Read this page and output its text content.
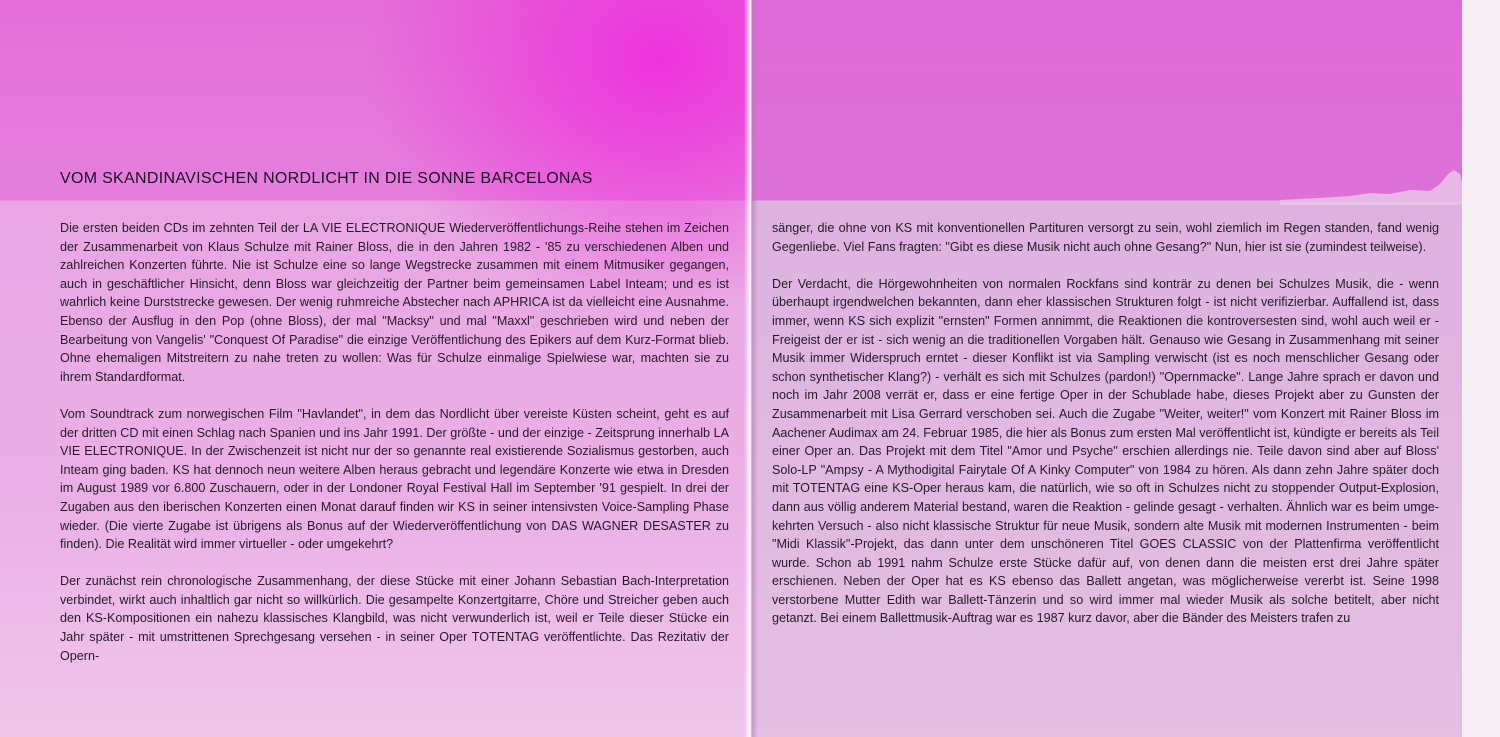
VOM SKANDINAVISCHEN NORDLICHT IN DIE SONNE BARCELONAS

Die ersten beiden CDs im zehnten Teil der LA VIE ELECTRONIQUE Wiederveröffentlichungs-Reihe stehen im Zeichen der Zusammenarbeit von Klaus Schulze mit Rainer Bloss, die in den Jahren 1982 - '85 zu verschiedenen Alben und zahlreichen Konzerten führte. Nie ist Schulze eine so lange Wegstrecke zusammen mit einem Mitmusiker gegangen, auch in geschäftlicher Hinsicht, denn Bloss war gleichzeitig der Partner beim gemeinsamen Label Inteam; und es ist wahrlich keine Durststrecke gewesen. Der wenig ruhmreiche Abstecher nach APHRICA ist da vielleicht eine Ausnahme. Ebenso der Ausflug in den Pop (ohne Bloss), der mal "Macksy" und mal "Maxxl" geschrieben wird und neben der Bearbeitung von Vangelis' "Conquest Of Paradise" die einzige Veröffentlichung des Epikers auf dem Kurz-Format blieb. Ohne ehemaligen Mitstreitern zu nahe treten zu wollen: Was für Schulze einmalige Spielwiese war, machten sie zu ihrem Standardformat.

Vom Soundtrack zum norwegischen Film "Havlandet", in dem das Nordlicht über vereiste Küsten scheint, geht es auf der dritten CD mit einen Schlag nach Spanien und ins Jahr 1991. Der größte - und der einzige - Zeitsprung innerhalb LA VIE ELECTRONIQUE. In der Zwischenzeit ist nicht nur der so genannte real existierende Sozialismus gestorben, auch Inteam ging baden. KS hat dennoch neun weitere Alben heraus gebracht und legendäre Konzerte wie etwa in Dresden im August 1989 vor 6.800 Zuschauern, oder in der Londoner Royal Festival Hall im September '91 gespielt. In drei der Zugaben aus den iberischen Konzerten einen Monat darauf finden wir KS in seiner intensivsten Voice-Sampling Phase wieder. (Die vierte Zugabe ist übrigens als Bonus auf der Wiederveröffentlichung von DAS WAGNER DESASTER zu finden). Die Realität wird immer virtueller - oder umgekehrt?

Der zunächst rein chronologische Zusammenhang, der diese Stücke mit einer Johann Sebastian Bach-Interpretation verbindet, wirkt auch inhaltlich gar nicht so willkürlich. Die gesampelte Konzertgitarre, Chöre und Streicher geben auch den KS-Kompositionen ein nahezu klassisches Klangbild, was nicht verwunderlich ist, weil er Teile dieser Stücke ein Jahr später - mit umstrittenen Sprechgesang versehen - in seiner Oper TOTENTAG veröffentlichte. Das Rezitativ der Opern-

sänger, die ohne von KS mit konventionellen Partituren versorgt zu sein, wohl ziemlich im Regen standen, fand wenig Gegenliebe. Viel Fans fragten: "Gibt es diese Musik nicht auch ohne Gesang?" Nun, hier ist sie (zumindest teilweise).

Der Verdacht, die Hörgewohnheiten von normalen Rockfans sind konträr zu denen bei Schulzes Musik, die - wenn überhaupt irgendwelchen bekannten, dann eher klassischen Strukturen folgt - ist nicht verifizierbar. Auffallend ist, dass immer, wenn KS sich explizit "ernsten" Formen annimmt, die Reaktionen die kontroversesten sind, wohl auch weil er - Freigeist der er ist - sich wenig an die traditionellen Vorgaben hält. Genauso wie Gesang in Zusammenhang mit seiner Musik immer Widerspruch erntet - dieser Konflikt ist via Sampling verwischt (ist es noch menschlicher Gesang oder schon synthetischer Klang?) - verhält es sich mit Schulzes (pardon!) "Opernmacke". Lange Jahre sprach er davon und noch im Jahr 2008 verrät er, dass er eine fertige Oper in der Schublade habe, dieses Projekt aber zu Gunsten der Zusammenarbeit mit Lisa Gerrard verschoben sei. Auch die Zugabe "Weiter, weiter!" vom Konzert mit Rainer Bloss im Aachener Audimax am 24. Februar 1985, die hier als Bonus zum ersten Mal veröffentlicht ist, kündigte er bereits als Teil einer Oper an. Das Projekt mit dem Titel "Amor und Psyche" erschien allerdings nie. Teile davon sind aber auf Bloss' Solo-LP "Ampsy - A Mythodigital Fairytale Of A Kinky Computer" von 1984 zu hören. Als dann zehn Jahre später doch mit TOTENTAG eine KS-Oper heraus kam, die natürlich, wie so oft in Schulzes nicht zu stoppender Output-Explosion, dann aus völlig anderem Material bestand, waren die Reaktion - gelinde gesagt - verhalten. Ähnlich war es beim umgekehrten Versuch - also nicht klassische Struktur für neue Musik, sondern alte Musik mit modernen Instrumenten - beim "Midi Klassik"-Projekt, das dann unter dem unschöneren Titel GOES CLASSIC von der Plattenfirma veröffentlicht wurde. Schon ab 1991 nahm Schulze erste Stücke dafür auf, von denen dann die meisten erst drei Jahre später erschienen. Neben der Oper hat es KS ebenso das Ballett angetan, was möglicherweise vererbt ist. Seine 1998 verstorbene Mutter Edith war Ballett-Tänzerin und so wird immer mal wieder Musik als solche betitelt, aber nicht getanzt. Bei einem Ballettmusik-Auftrag war es 1987 kurz davor, aber die Bänder des Meisters trafen zu
